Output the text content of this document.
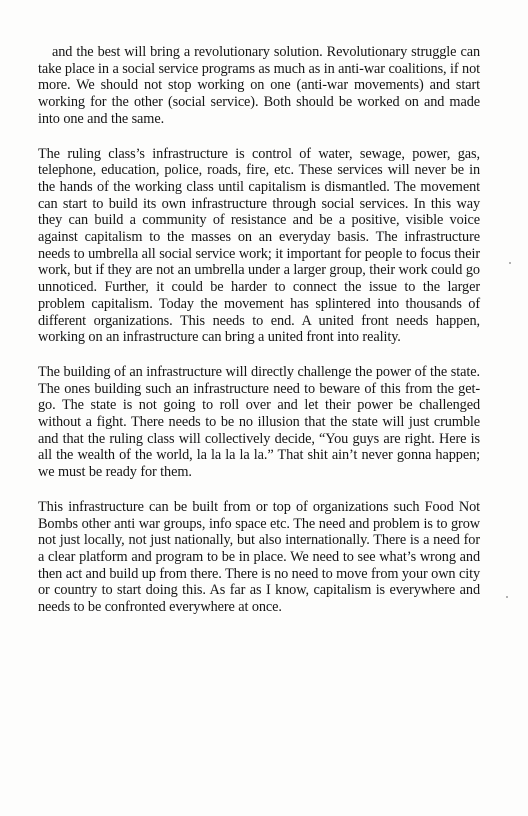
and the best will bring a revolutionary solution. Revolutionary struggle can take place in a social service programs as much as in anti-war coalitions, if not more. We should not stop working on one (anti-war movements) and start working for the other (social service). Both should be worked on and made into one and the same.

The ruling class’s infrastructure is control of water, sewage, power, gas, telephone, education, police, roads, fire, etc. These services will never be in the hands of the working class until capitalism is dismantled. The movement can start to build its own infrastructure through social services. In this way they can build a community of resistance and be a positive, visible voice against capitalism to the masses on an everyday basis. The infrastructure needs to umbrella all social service work; it important for people to focus their work, but if they are not an umbrella under a larger group, their work could go unnoticed. Further, it could be harder to connect the issue to the larger problem capitalism. Today the movement has splintered into thousands of different organizations. This needs to end. A united front needs happen, working on an infrastructure can bring a united front into reality.

The building of an infrastructure will directly challenge the power of the state. The ones building such an infrastructure need to beware of this from the get-go. The state is not going to roll over and let their power be challenged without a fight. There needs to be no illusion that the state will just crumble and that the ruling class will collectively decide, “You guys are right. Here is all the wealth of the world, la la la la la.” That shit ain’t never gonna happen; we must be ready for them.

This infrastructure can be built from or top of organizations such Food Not Bombs other anti war groups, info space etc. The need and problem is to grow not just locally, not just nationally, but also internationally. There is a need for a clear platform and program to be in place. We need to see what’s wrong and then act and build up from there. There is no need to move from your own city or country to start doing this. As far as I know, capitalism is everywhere and needs to be confronted everywhere at once.
